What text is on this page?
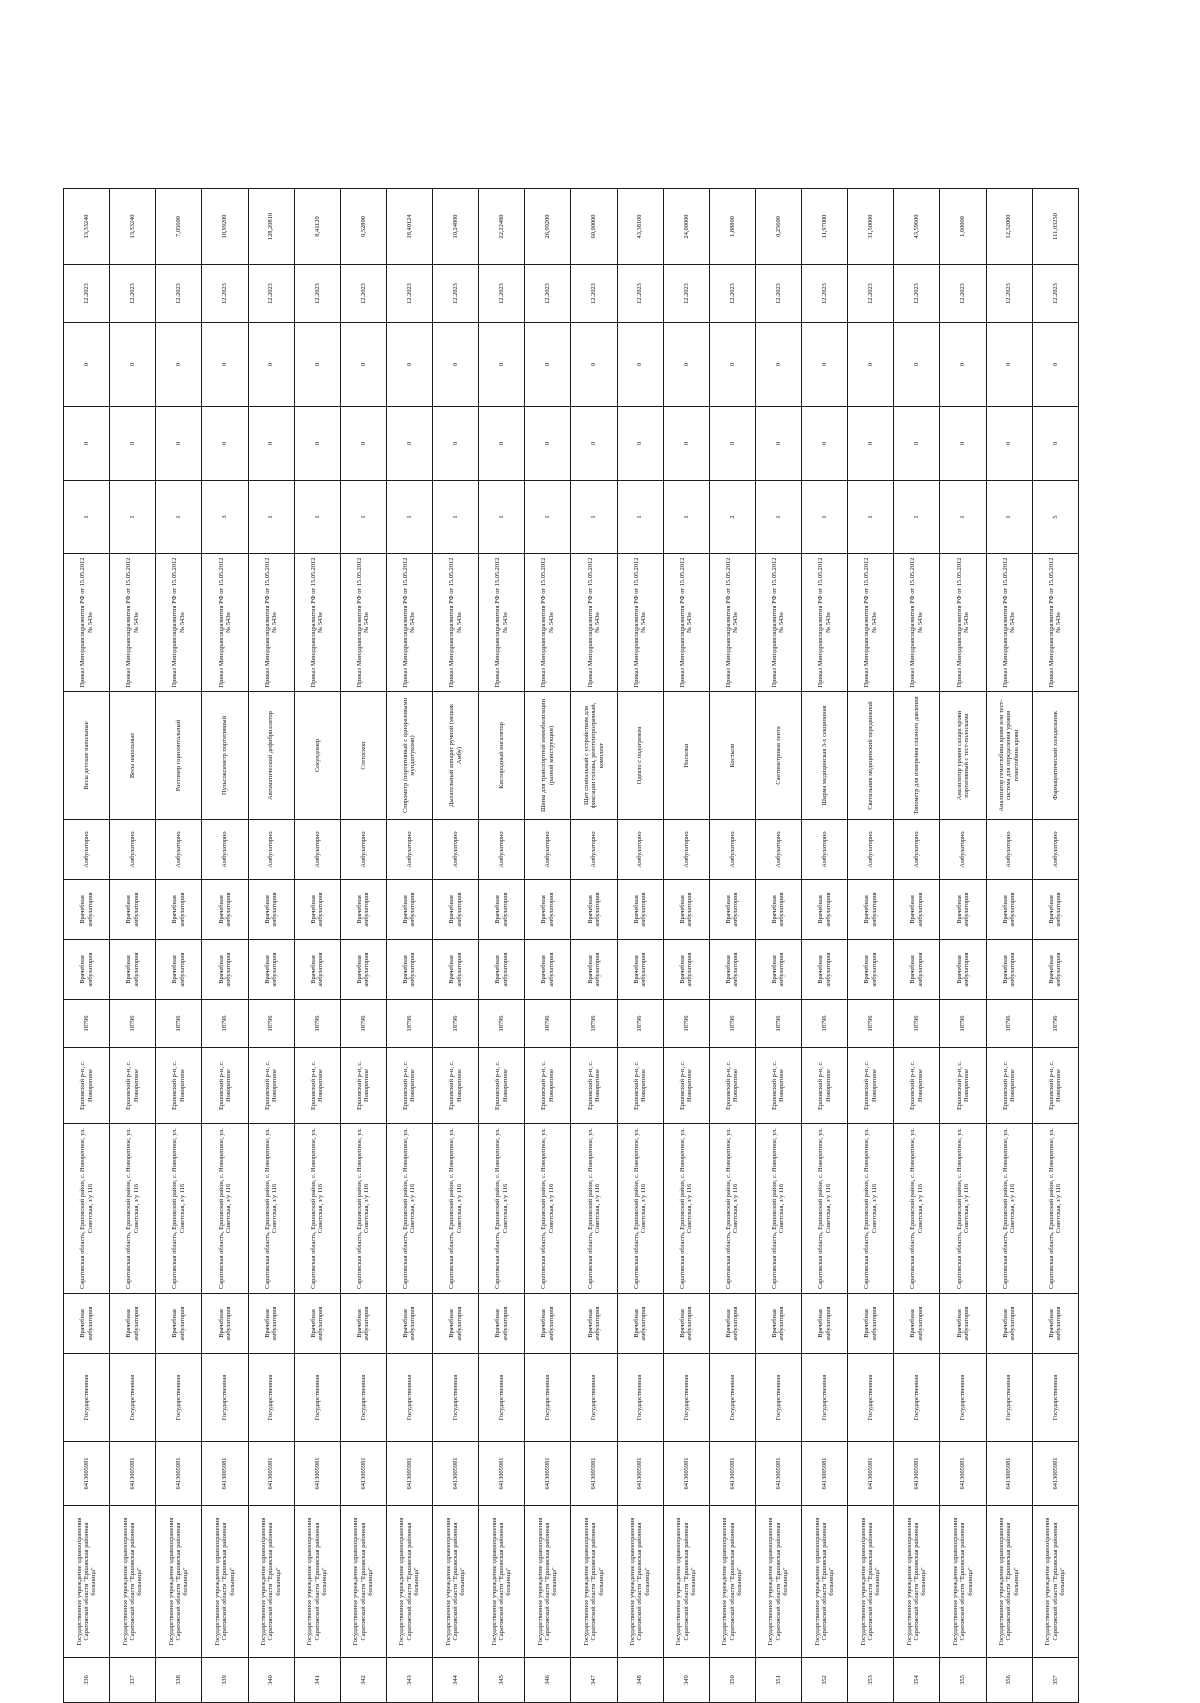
336	Государственное учреждение здравоохранения Саратовской области "Ершовская районная больница"	6413005981	Государственная	Врачебная амбулатория	Саратовская область, Ершовский район, с. Новорепное, ул. Советская, з/у 116	Ершовский р-н, с. Новорепное	18796	Врачебная амбулатория	Врачебная амбулатория	Амбулаторно	Весы детские напольные	Приказ Минздравсоцразвития РФ от 15.05.2012 № 543н	1	0	0	12.2023	13,33240
337	Государственное учреждение здравоохранения Саратовской области "Ершовская районная больница"	6413005981	Государственная	Врачебная амбулатория	Саратовская область, Ершовский район, с. Новорепное, ул. Советская, з/у 116	Ершовский р-н, с. Новорепное	18796	Врачебная амбулатория	Врачебная амбулатория	Амбулаторно	Весы напольные	Приказ Минздравсоцразвития РФ от 15.05.2012 № 543н	1	0	0	12.2023	13,33240
338	Государственное учреждение здравоохранения Саратовской области "Ершовская районная больница"	6413005981	Государственная	Врачебная амбулатория	Саратовская область, Ершовский район, с. Новорепное, ул. Советская, з/у 116	Ершовский р-н, с. Новорепное	18796	Врачебная амбулатория	Врачебная амбулатория	Амбулаторно	Ростомер горизонтальный	Приказ Минздравсоцразвития РФ от 15.05.2012 № 543н	1	0	0	12.2023	7,05600
339	Государственное учреждение здравоохранения Саратовской области "Ершовская районная больница"	6413005981	Государственная	Врачебная амбулатория	Саратовская область, Ершовский район, с. Новорепное, ул. Советская, з/у 116	Ершовский р-н, с. Новорепное	18796	Врачебная амбулатория	Врачебная амбулатория	Амбулаторно	Пульсоксиметр портативный	Приказ Минздравсоцразвития РФ от 15.05.2012 № 543н	3	0	0	12.2023	10,99200
340	Государственное учреждение здравоохранения Саратовской области "Ершовская районная больница"	6413005981	Государственная	Врачебная амбулатория	Саратовская область, Ершовский район, с. Новорепное, ул. Советская, з/у 116	Ершовский р-н, с. Новорепное	18796	Врачебная амбулатория	Врачебная амбулатория	Амбулаторно	Автоматический дефибриллятор	Приказ Минздравсоцразвития РФ от 15.05.2012 № 543н	1	0	0	12.2023	128,20810
341	Государственное учреждение здравоохранения Саратовской области "Ершовская районная больница"	6413005981	Государственная	Врачебная амбулатория	Саратовская область, Ершовский район, с. Новорепное, ул. Советская, з/у 116	Ершовский р-н, с. Новорепное	18796	Врачебная амбулатория	Врачебная амбулатория	Амбулаторно	Секундомер	Приказ Минздравсоцразвития РФ от 15.05.2012 № 543н	1	0	0	12.2023	8,41120
342	Государственное учреждение здравоохранения Саратовской области "Ершовская районная больница"	6413005981	Государственная	Врачебная амбулатория	Саратовская область, Ершовский район, с. Новорепное, ул. Советская, з/у 116	Ершовский р-н, с. Новорепное	18796	Врачебная амбулатория	Врачебная амбулатория	Амбулаторно	Стетоскоп	Приказ Минздравсоцразвития РФ от 15.05.2012 № 543н	1	0	0	12.2023	0,52800
343	Государственное учреждение здравоохранения Саратовской области "Ершовская районная больница"	6413005981	Государственная	Врачебная амбулатория	Саратовская область, Ершовский район, с. Новорепное, ул. Советская, з/у 116	Ершовский р-н, с. Новорепное	18796	Врачебная амбулатория	Врачебная амбулатория	Амбулаторно	Спирометр (портативный с одноразовыми мундштуками)	Приказ Минздравсоцразвития РФ от 15.05.2012 № 543н	1	0	0	12.2023	18,40124
344	Государственное учреждение здравоохранения Саратовской области "Ершовская районная больница"	6413005981	Государственная	Врачебная амбулатория	Саратовская область, Ершовский район, с. Новорепное, ул. Советская, з/у 116	Ершовский р-н, с. Новорепное	18796	Врачебная амбулатория	Врачебная амбулатория	Амбулаторно	Дыхательный аппарат ручной (мешок Амбу)	Приказ Минздравсоцразвития РФ от 15.05.2012 № 543н	1	0	0	12.2023	10,24800
345	Государственное учреждение здравоохранения Саратовской области "Ершовская районная больница"	6413005981	Государственная	Врачебная амбулатория	Саратовская область, Ершовский район, с. Новорепное, ул. Советская, з/у 116	Ершовский р-н, с. Новорепное	18796	Врачебная амбулатория	Врачебная амбулатория	Амбулаторно	Кислородный ингалятор	Приказ Минздравсоцразвития РФ от 15.05.2012 № 543н	1	0	0	12.2023	22,22480
346	Государственное учреждение здравоохранения Саратовской области "Ершовская районная больница"	6413005981	Государственная	Врачебная амбулатория	Саратовская область, Ершовский район, с. Новорепное, ул. Советская, з/у 116	Ершовский р-н, с. Новорепное	18796	Врачебная амбулатория	Врачебная амбулатория	Амбулаторно	Шины для транспортной иммобилизации (разной конструкции)	Приказ Минздравсоцразвития РФ от 15.05.2012 № 543н	1	0	0	12.2023	26,99200
347	Государственное учреждение здравоохранения Саратовской области "Ершовская районная больница"	6413005981	Государственная	Врачебная амбулатория	Саратовская область, Ершовский район, с. Новорепное, ул. Советская, з/у 116	Ершовский р-н, с. Новорепное	18796	Врачебная амбулатория	Врачебная амбулатория	Амбулаторно	Щит спинальный с устройством для фиксации головы, рентгенпрозрачный, комплект	Приказ Минздравсоцразвития РФ от 15.05.2012 № 543н	1	0	0	12.2023	60,00000
348	Государственное учреждение здравоохранения Саратовской области "Ершовская районная больница"	6413005981	Государственная	Врачебная амбулатория	Саратовская область, Ершовский район, с. Новорепное, ул. Советская, з/у 116	Ершовский р-н, с. Новорепное	18796	Врачебная амбулатория	Врачебная амбулатория	Амбулаторно	Одеяло с подогревом	Приказ Минздравсоцразвития РФ от 15.05.2012 № 543н	1	0	0	12.2023	43,38100
349	Государственное учреждение здравоохранения Саратовской области "Ершовская районная больница"	6413005981	Государственная	Врачебная амбулатория	Саратовская область, Ершовский район, с. Новорепное, ул. Советская, з/у 116	Ершовский р-н, с. Новорепное	18796	Врачебная амбулатория	Врачебная амбулатория	Амбулаторно	Носилки	Приказ Минздравсоцразвития РФ от 15.05.2012 № 543н	1	0	0	12.2023	24,00000
350	Государственное учреждение здравоохранения Саратовской области "Ершовская районная больница"	6413005981	Государственная	Врачебная амбулатория	Саратовская область, Ершовский район, с. Новорепное, ул. Советская, з/у 116	Ершовский р-н, с. Новорепное	18796	Врачебная амбулатория	Врачебная амбулатория	Амбулаторно	Костыли	Приказ Минздравсоцразвития РФ от 15.05.2012 № 543н	2	0	0	12.2023	1,88800
351	Государственное учреждение здравоохранения Саратовской области "Ершовская районная больница"	6413005981	Государственная	Врачебная амбулатория	Саратовская область, Ершовский район, с. Новорепное, ул. Советская, з/у 116	Ершовский р-н, с. Новорепное	18796	Врачебная амбулатория	Врачебная амбулатория	Амбулаторно	Сантиметровая лента	Приказ Минздравсоцразвития РФ от 15.05.2012 № 543н	1	0	0	12.2023	0,25600
352	Государственное учреждение здравоохранения Саратовской области "Ершовская районная больница"	6413005981	Государственная	Врачебная амбулатория	Саратовская область, Ершовский район, с. Новорепное, ул. Советская, з/у 116	Ершовский р-н, с. Новорепное	18796	Врачебная амбулатория	Врачебная амбулатория	Амбулаторно	Ширма медицинская 3-х секционная	Приказ Минздравсоцразвития РФ от 15.05.2012 № 543н	1	0	0	12.2023	11,97000
353	Государственное учреждение здравоохранения Саратовской области "Ершовская районная больница"	6413005981	Государственная	Врачебная амбулатория	Саратовская область, Ершовский район, с. Новорепное, ул. Советская, з/у 116	Ершовский р-н, с. Новорепное	18796	Врачебная амбулатория	Врачебная амбулатория	Амбулаторно	Светильник медицинский передвижной	Приказ Минздравсоцразвития РФ от 15.05.2012 № 543н	1	0	0	12.2023	31,50000
354	Государственное учреждение здравоохранения Саратовской области "Ершовская районная больница"	6413005981	Государственная	Врачебная амбулатория	Саратовская область, Ершовский район, с. Новорепное, ул. Советская, з/у 116	Ершовский р-н, с. Новорепное	18796	Врачебная амбулатория	Врачебная амбулатория	Амбулаторно	Тонометр для измерения глазного давления	Приказ Минздравсоцразвития РФ от 15.05.2012 № 543н	1	0	0	12.2023	43,59600
355	Государственное учреждение здравоохранения Саратовской области "Ершовская районная больница"	6413005981	Государственная	Врачебная амбулатория	Саратовская область, Ершовский район, с. Новорепное, ул. Советская, з/у 116	Ершовский р-н, с. Новорепное	18796	Врачебная амбулатория	Врачебная амбулатория	Амбулаторно	Анализатор уровня сахара крови портативный с тест-полосками	Приказ Минздравсоцразвития РФ от 15.05.2012 № 543н	1	0	0	12.2023	1,60000
356	Государственное учреждение здравоохранения Саратовской области "Ершовская районная больница"	6413005981	Государственная	Врачебная амбулатория	Саратовская область, Ершовский район, с. Новорепное, ул. Советская, з/у 116	Ершовский р-н, с. Новорепное	18796	Врачебная амбулатория	Врачебная амбулатория	Амбулаторно	Анализатор гемоглобина крови или тест-система для определения уровня гемоглобина крови	Приказ Минздравсоцразвития РФ от 15.05.2012 № 543н	1	0	0	12.2023	12,32000
357	Государственное учреждение здравоохранения Саратовской области "Ершовская районная больница"	6413005981	Государственная	Врачебная амбулатория	Саратовская область, Ершовский район, с. Новорепное, ул. Советская, з/у 116	Ершовский р-н, с. Новорепное	18796	Врачебная амбулатория	Врачебная амбулатория	Амбулаторно	Фармацевтический холодильник	Приказ Минздравсоцразвития РФ от 15.05.2012 № 543н	5	0	0	12.2023	111,03250
